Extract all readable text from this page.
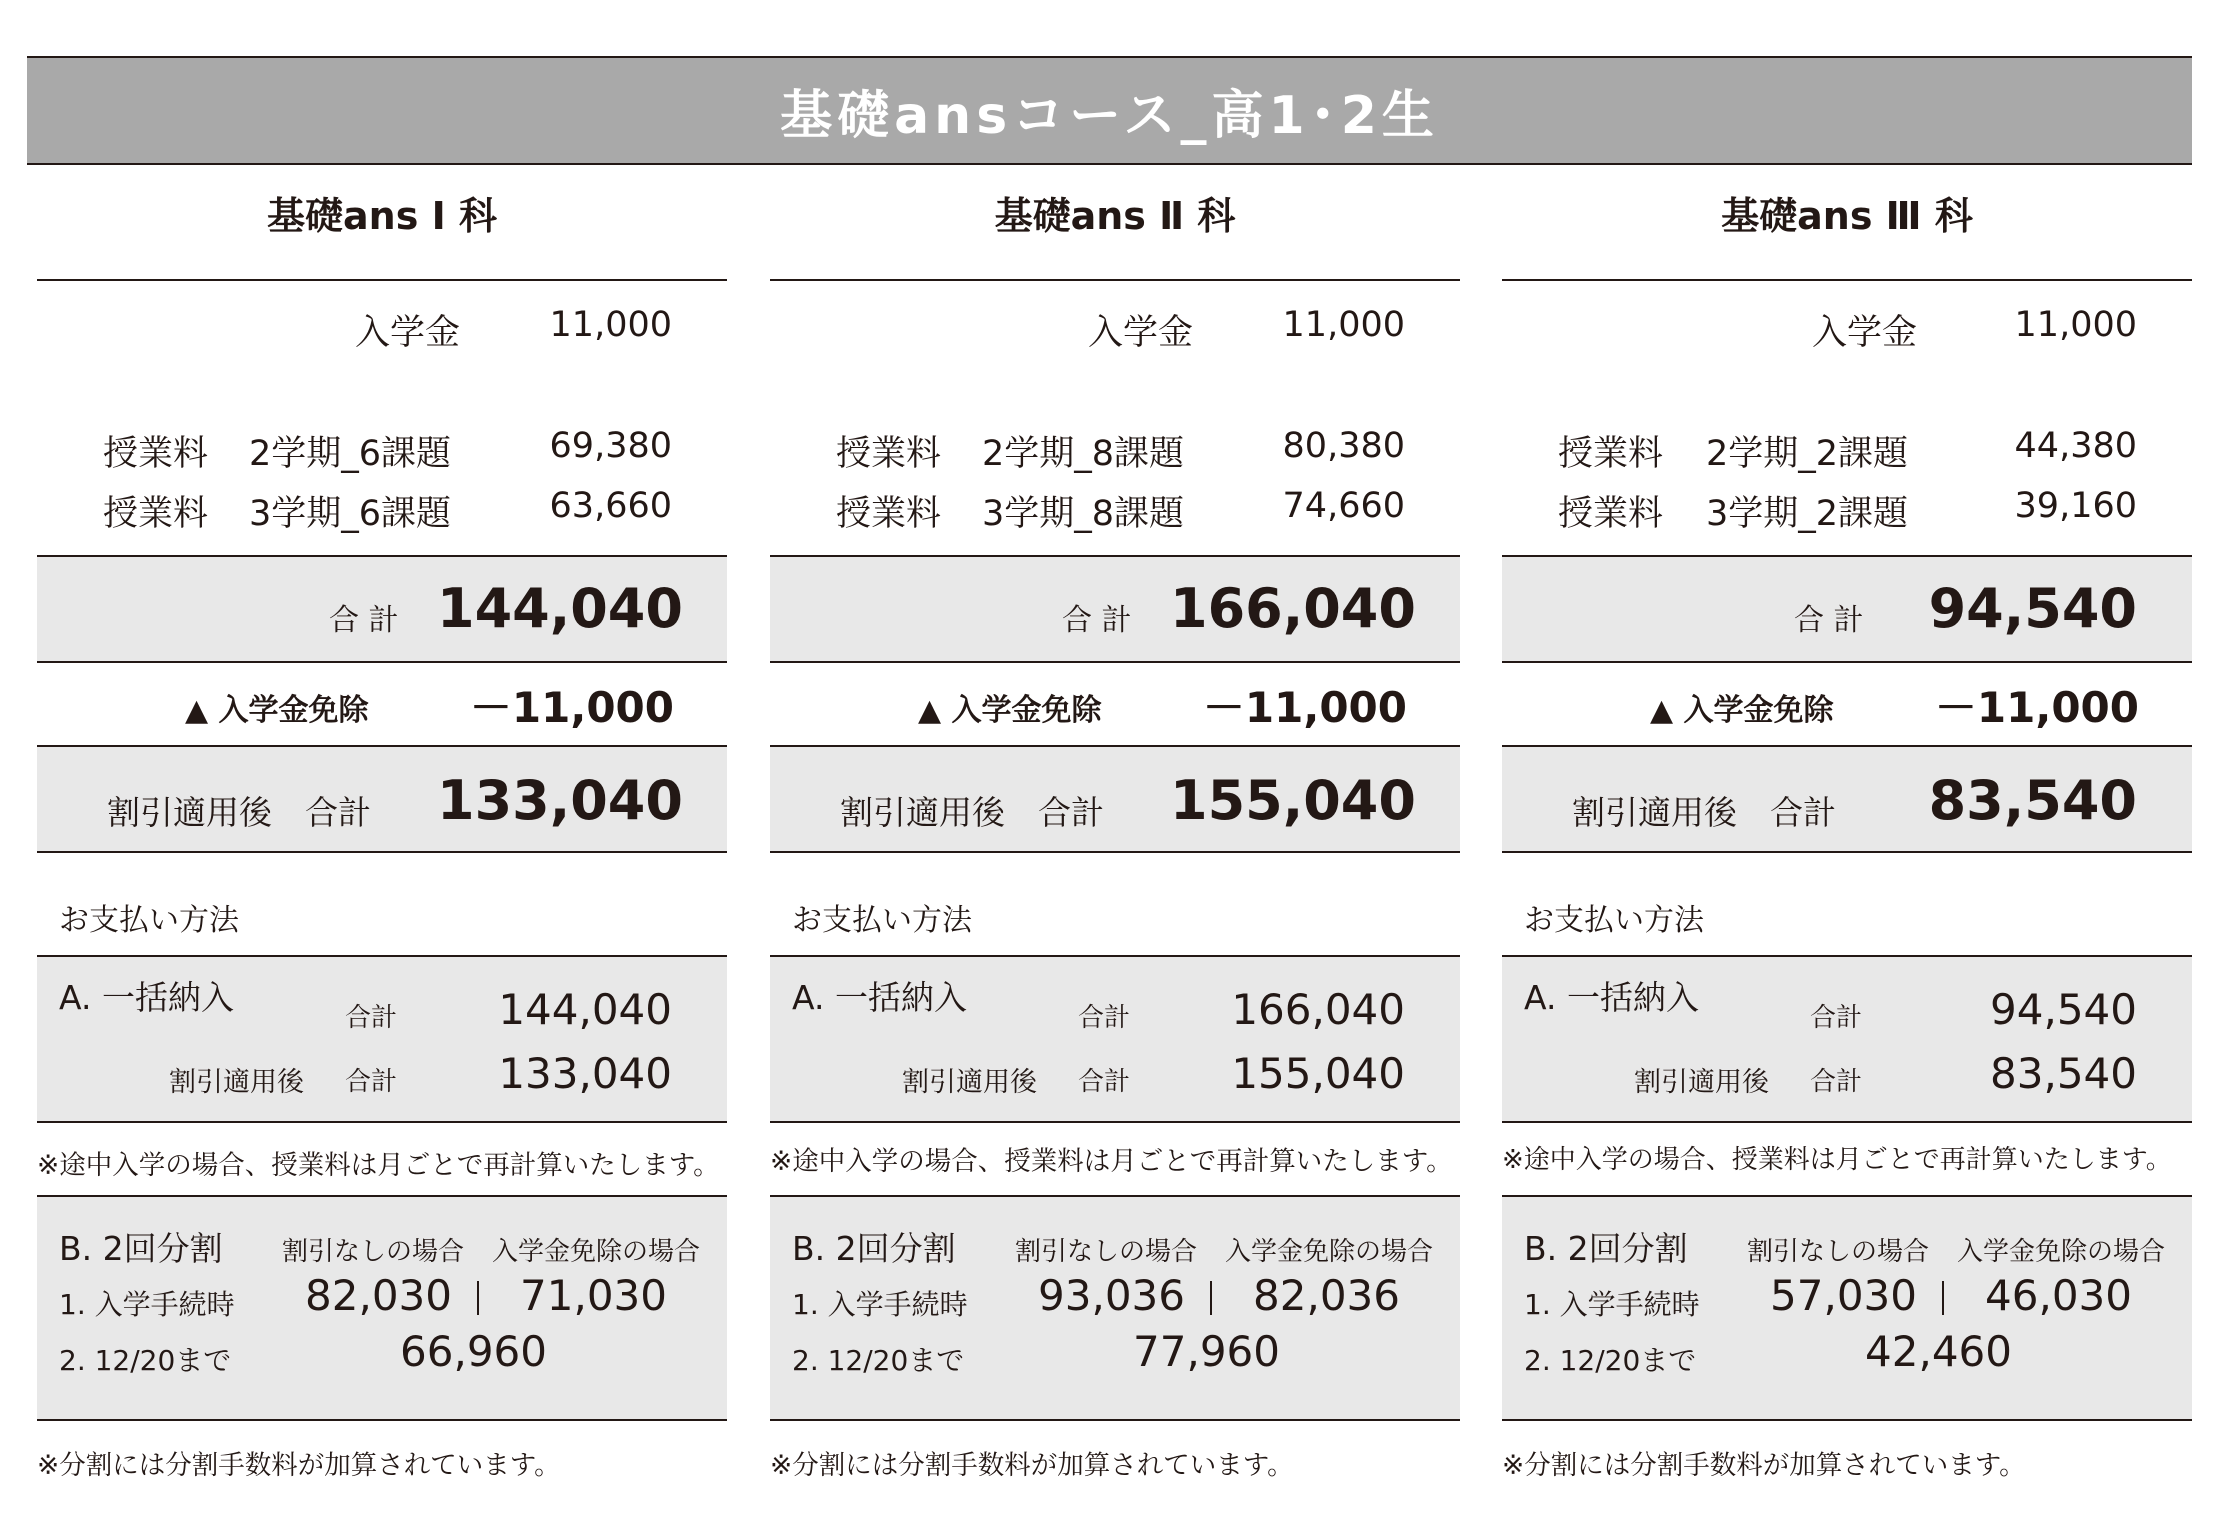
基礎ansコース_高1･2生
基礎ans Ⅰ 科
入学金	11,000
授業料 2学期_6課題	69,380
授業料 3学期_6課題	63,660
合 計 144,040
▲ 入学金免除	－11,000
割引適用後　合計 133,040
お支払い方法
A. 一括納入
合計	144,040
割引適用後 合計	133,040
※途中入学の場合、授業料は月ごとで再計算いたします。
B. 2回分割 割引なしの場合 入学金免除の場合
1. 入学手続時	82,030	71,030
2. 12/20まで	66,960
※分割には分割手数料が加算されています。
基礎ans Ⅱ 科
入学金	11,000
授業料 2学期_8課題	80,380
授業料 3学期_8課題	74,660
合 計 166,040
▲ 入学金免除	－11,000
割引適用後　合計 155,040
お支払い方法
A. 一括納入
合計	166,040
割引適用後 合計	155,040
※途中入学の場合、授業料は月ごとで再計算いたします。
B. 2回分割 割引なしの場合 入学金免除の場合
1. 入学手続時	93,036	82,036
2. 12/20まで	77,960
※分割には分割手数料が加算されています。
基礎ans Ⅲ 科
入学金	11,000
授業料 2学期_2課題	44,380
授業料 3学期_2課題	39,160
合 計	94,540
▲ 入学金免除	－11,000
割引適用後　合計	83,540
お支払い方法
A. 一括納入
合計	94,540
割引適用後 合計	83,540
※途中入学の場合、授業料は月ごとで再計算いたします。
B. 2回分割 割引なしの場合 入学金免除の場合
1. 入学手続時	57,030	46,030
2. 12/20まで	42,460
※分割には分割手数料が加算されています。
